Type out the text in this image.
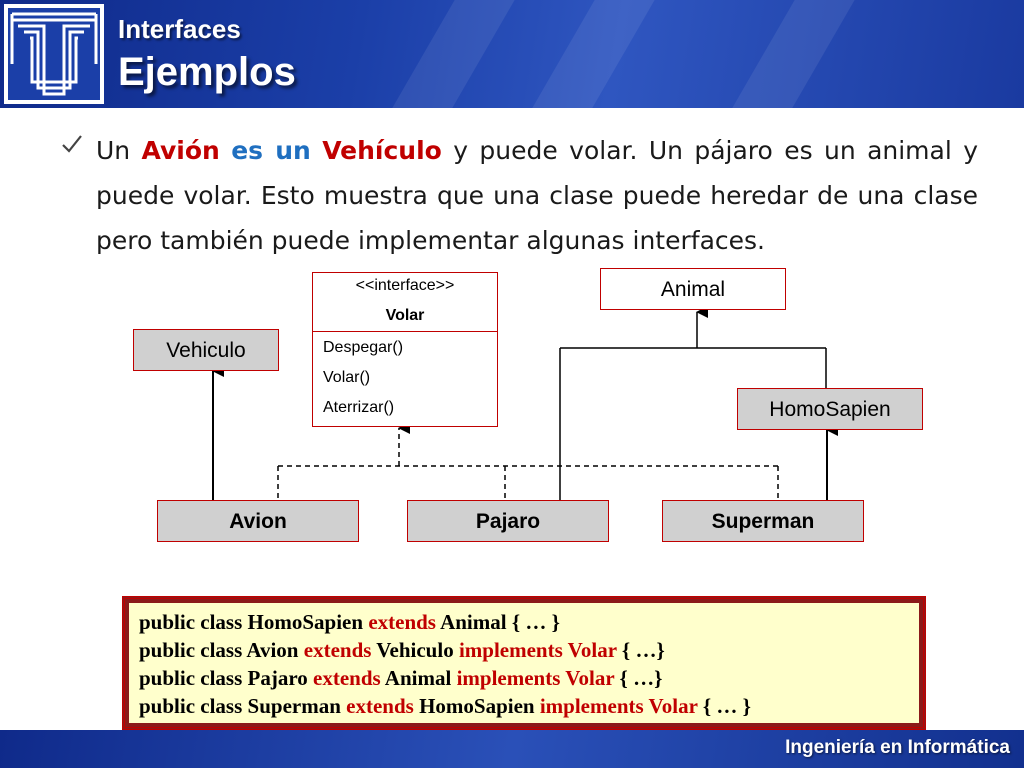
Interfaces
Ejemplos
Un Avión es un Vehículo y puede volar. Un pájaro es un animal y puede volar. Esto muestra que una clase puede heredar de una clase pero también puede implementar algunas interfaces.
<<interface>>
Volar
Despegar()
Volar()
Aterrizar()
Animal
Vehiculo
HomoSapien
Avion	Pajaro	Superman
public class HomoSapien extends Animal { … }
public class Avion extends Vehiculo implements Volar { …}
public class Pajaro extends Animal implements Volar { …}
public class Superman extends HomoSapien implements Volar { … }
Ingeniería en Informática
